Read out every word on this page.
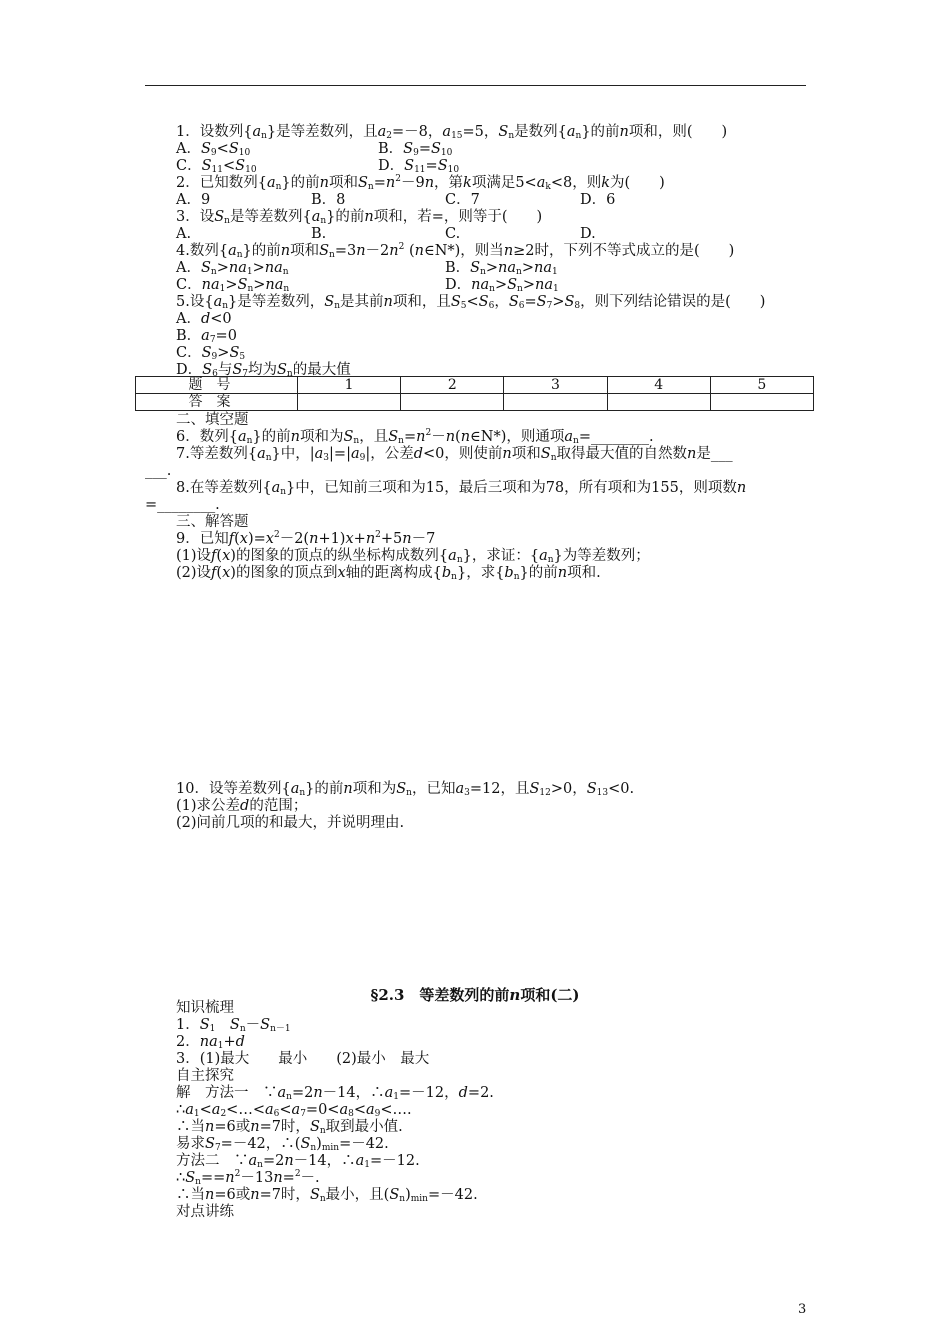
1．设数列$\{a_n\}$是等差数列，且$a_2=-8$，$a_{15}=5$，$S_n$是数列$\{a_n\}$的前n项和，则(　　)
A．$S_9<S_{10}$	B．$S_9=S_{10}$
C．$S_{11}<S_{10}$	D．$S_{11}=S_{10}$
2．已知数列$\{a_n\}$的前n项和$S_n=n^2-9n$，第k项满足$5<a_k<8$，则k为(　　)
A．9	B．8	C．7	D．6
3．设$S_n$是等差数列$\{a_n\}$的前n项和，若=，则等于(　　)
A.	B.	C.	D.
4.数列$\{a_n\}$的前n项和$S_n=3n-2n^2$ (n∈N*)，则当n≥2时，下列不等式成立的是(　　)
A．$S_n>na_1>na_n$	B．$S_n>na_n>na_1$
C．$na_1>S_n>na_n$	D．$na_n>S_n>na_1$
5.设$\{a_n\}$是等差数列，$S_n$是其前n项和，且$S_5<S_6$，$S_6=S_7>S_8$，则下列结论错误的是(　　)
A．d<0
B．$a_7=0$
C．$S_9>S_5$
D．$S_6$与$S_7$均为$S_n$的最大值
题号	1	2	3	4	5
答案					
二、填空题
6．数列$\{a_n\}$的前n项和为$S_n$，且$S_n=n^2-n(n\in N*)$，则通项$a_n=\_\_\_\_\_\_\_\_$.
7.等差数列$\{a_n\}$中，$|a_3|=|a_9|$，公差d<0，则使前n项和$S_n$取得最大值的自然数n是___
___.
8.在等差数列$\{a_n\}$中，已知前三项和为15，最后三项和为78，所有项和为155，则项数n
=________.
三、解答题
9．已知$f(x)=x^2-2(n+1)x+n^2+5n-7$
(1)设f(x)的图象的顶点的纵坐标构成数列$\{a_n\}$，求证：$\{a_n\}$为等差数列；
(2)设f(x)的图象的顶点到x轴的距离构成$\{b_n\}$，求$\{b_n\}$的前n项和.
10．设等差数列$\{a_n\}$的前n项和为$S_n$，已知$a_3=12$，且$S_{12}>0$，$S_{13}<0$.
(1)求公差d的范围；
(2)问前几项的和最大，并说明理由.
§2.3　等差数列的前n项和(二)
知识梳理
1．$S_1$　 $S_n-S_{n-1}$
2．$na_1+d$
3．(1)最大　　最小　　(2)最小　最大
自主探究
解　方法一　$\because a_n=2n-14$，$\therefore a_1=-12$，d=2.
$\therefore a_1<a_2<\dots<a_6<a_7=0<a_8<a_9<\dots$.
∴当n=6或n=7时，$S_n$取到最小值.
易求$S_7=-42$，$\therefore(S_n)_{min}=-42$.
方法二　$\because a_n=2n-14$，$\therefore a_1=-12$.
$\therefore S_n==n^2-13n=^2-$.
∴当n=6或n=7时，$S_n$最小，且$(S_n)_{min}=-42$.
对点讲练
3
